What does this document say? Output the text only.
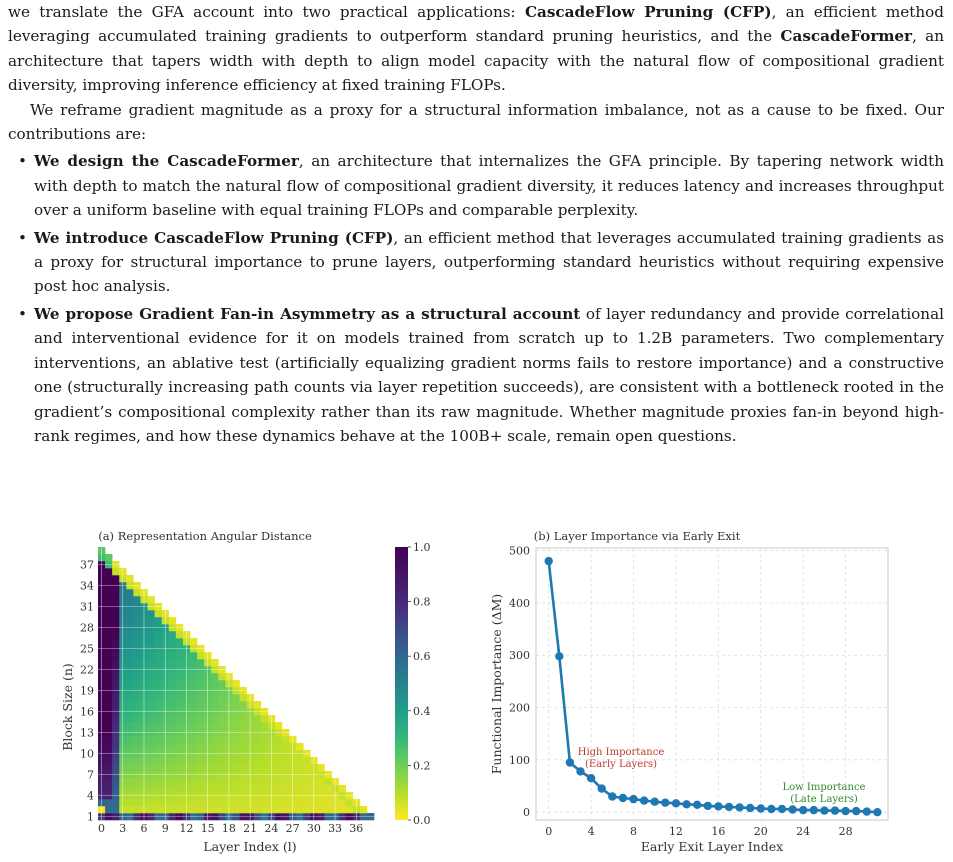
we translate the GFA account into two practical applications: CascadeFlow Pruning (CFP), an efficient method leveraging accumulated training gradients to outperform standard pruning heuristics, and the CascadeFormer, an architecture that tapers width with depth to align model capacity with the natural flow of compositional gradient diversity, improving inference efficiency at fixed training FLOPs.

We reframe gradient magnitude as a proxy for a structural information imbalance, not as a cause to be fixed. Our contributions are:

• We design the CascadeFormer, an architecture that internalizes the GFA principle. By tapering network width with depth to match the natural flow of compositional gradient diversity, it reduces latency and increases throughput over a uniform baseline with equal training FLOPs and comparable perplexity.
• We introduce CascadeFlow Pruning (CFP), an efficient method that leverages accumulated training gradients as a proxy for structural importance to prune layers, outperforming standard heuristics without requiring expensive post hoc analysis.
• We propose Gradient Fan-in Asymmetry as a structural account of layer redundancy and provide correlational and interventional evidence for it on models trained from scratch up to 1.2B parameters. Two complementary interventions, an ablative test (artificially equalizing gradient norms fails to restore importance) and a constructive one (structurally increasing path counts via layer repetition succeeds), are consistent with a bottleneck rooted in the gradient’s compositional complexity rather than its raw magnitude. Whether magnitude proxies fan-in beyond high-rank regimes, and how these dynamics behave at the 100B+ scale, remain open questions.
(a) Representation Angular Distance
0 3 6 9 12 15 18 21 24 27 30 33 36
1
4
7
10
13
16
19
22
25
28
31
34
37
Layer Index (l)
Block Size (n)
1.0
0.8
0.6
0.4
0.2
0.0
(b) Layer Importance via Early Exit
0	4	8	12	16	20	24	28
0
100
200
300
400
500
High Importance
(Early Layers)
Low Importance
(Late Layers)
Early Exit Layer Index
Functional Importance (ΔM)
